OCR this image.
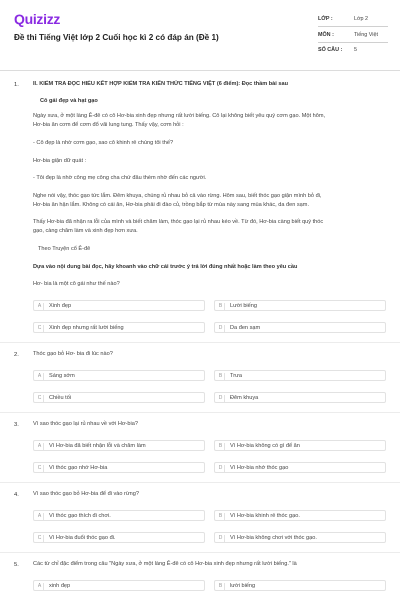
Quizizz
Đề thi Tiếng Việt lớp 2 Cuối học kì 2 có đáp án (Đề 1)
LỚP :	Lớp 2
MÔN :	Tiếng Việt
SỐ CÂU : 5
1.	II. KIỂM TRA ĐỌC HIỂU KẾT HỢP KIỂM TRA KIẾN THỨC TIẾNG VIỆT (6 điểm): Đọc thầm bài sau
Cô gái đẹp và hạt gạo
Ngày xưa, ở một làng Ê-đê có cô Hơ-bia xinh đẹp nhưng rất lười biếng. Cô lại không biết yêu quý cơm gạo. Một hôm,
Hơ-bia ăn cơm để cơm đổ vãi lung tung. Thấy vậy, cơm hỏi :
- Cô đẹp là nhờ cơm gạo, sao cô khinh rẻ chúng tôi thế?
Hơ-bia giận dữ quát :
- Tôi đẹp là nhờ công mẹ công cha chứ đâu thèm nhờ đến các người.
Nghe nói vậy, thóc gạo tức lắm. Đêm khuya, chúng rủ nhau bỏ cả vào rừng. Hôm sau, biết thóc gạo giận mình bỏ đi,
Hơ-bia ân hận lắm. Không có cái ăn, Hơ-bia phải đi đào củ, trồng bắp từ mùa này sang mùa khác, da đen sạm.
Thấy Hơ-bia đã nhận ra lỗi của mình và biết chăm làm, thóc gạo lại rủ nhau kéo về. Từ đó, Hơ-bia càng biết quý thóc
gạo, càng chăm làm và xinh đẹp hơn xưa.
Theo Truyện cổ Ê-đê
Dựa vào nội dung bài đọc, hãy khoanh vào chữ cái trước ý trả lời đúng nhất hoặc làm theo yêu cầu
Hơ- bia là một cô gái như thế nào?
A	Xinh đẹp	B	Lười biếng
C	Xinh đẹp nhưng rất lười biếng	D	Da đen sạm
2.	Thóc gạo bỏ Hơ- bia đi lúc nào?
A	Sáng sớm	B	Trưa
C	Chiều tối	D	Đêm khuya
3.	Vì sao thóc gạo lại rủ nhau về với Hơ-bia?
A	Vì Hơ-bia đã biết nhận lỗi và chăm làm	B	Vì Hơ-bia không có gì để ăn
C	Vì thóc gạo nhớ Hơ-bia	D	Vì Hơ-bia nhớ thóc gạo
4.	Vì sao thóc gạo bỏ Hơ-bia để đi vào rừng?
A	Vì thóc gạo thích đi chơi.	B	Vì Hơ-bia khinh rẻ thóc gạo.
C	Vì Hơ-bia đuổi thóc gạo đi.	D	Vì Hơ-bia không chơi với thóc gạo.
5.	Các từ chỉ đặc điểm trong câu "Ngày xưa, ở một làng Ê-đê có cô Hơ-bia xinh đẹp nhưng rất lười biếng." là
A	xinh đẹp	B	lười biếng
